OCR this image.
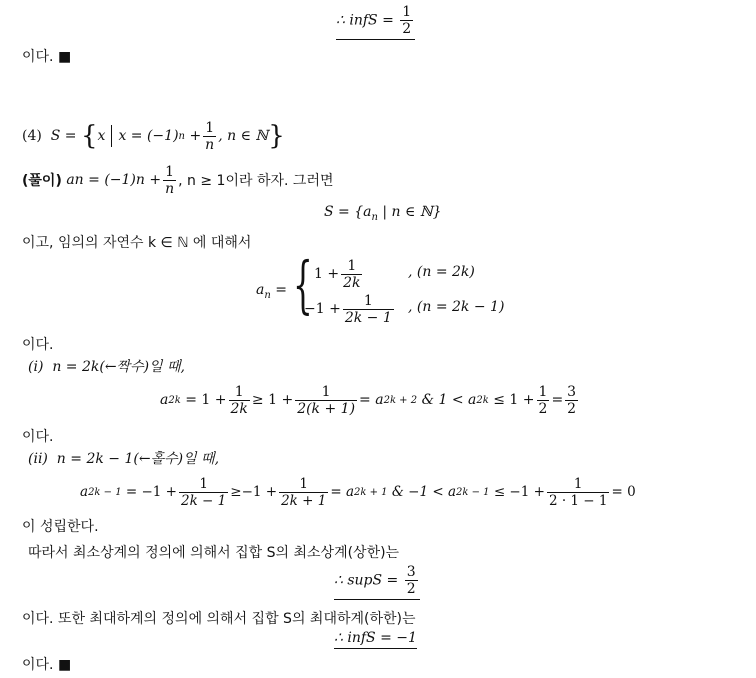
∴ infS = $\frac{1}{2}$
이다. ■
(4)
S =
{ x x = (−1) n
+ $\frac{1}{n}$ , n ∈ ℕ }
(풀이)
a n
= (−1) n
+ $\frac{1}{n}$ , n ≥ 1이라 하자. 그러면
$S = \{a_n$ | n ∈ ℕ}
이고, 임의의 자연수 k ∈ ℕ 에 대해서
$a_n$ = { $1 + \frac{1}{2k}$	, (n = 2k)
$-1 + \frac{1}{2k - 1}$ , (n = 2k − 1)
이다.
(i) n = 2k(←짝수)일 때,
a 2k
= $1 + \frac{1}{2k} \ge 1 + \frac{1}{2(k + 1)} = a$ 2k + 2
& 1 < a 2k
≤ $1 + \frac{1}{2} = \frac{3}{2}$
이다.
(ii) n = 2k − 1(←홀수)일 때,
a 2k − 1
= $-1 + \frac{1}{2k - 1} \ge-1 + \frac{1}{2k + 1} = a$ 2k + 1
& −1 < a 2k − 1
≤ $-1 + \frac{1}{2 \cdot 1 - 1} = 0$
이 성립한다.
따라서 최소상계의 정의에 의해서 집합 S의 최소상계(상한)는
∴ supS = $\frac{3}{2}$
이다. 또한 최대하계의 정의에 의해서 집합 S의 최대하계(하한)는
∴ infS = −1
이다. ■
